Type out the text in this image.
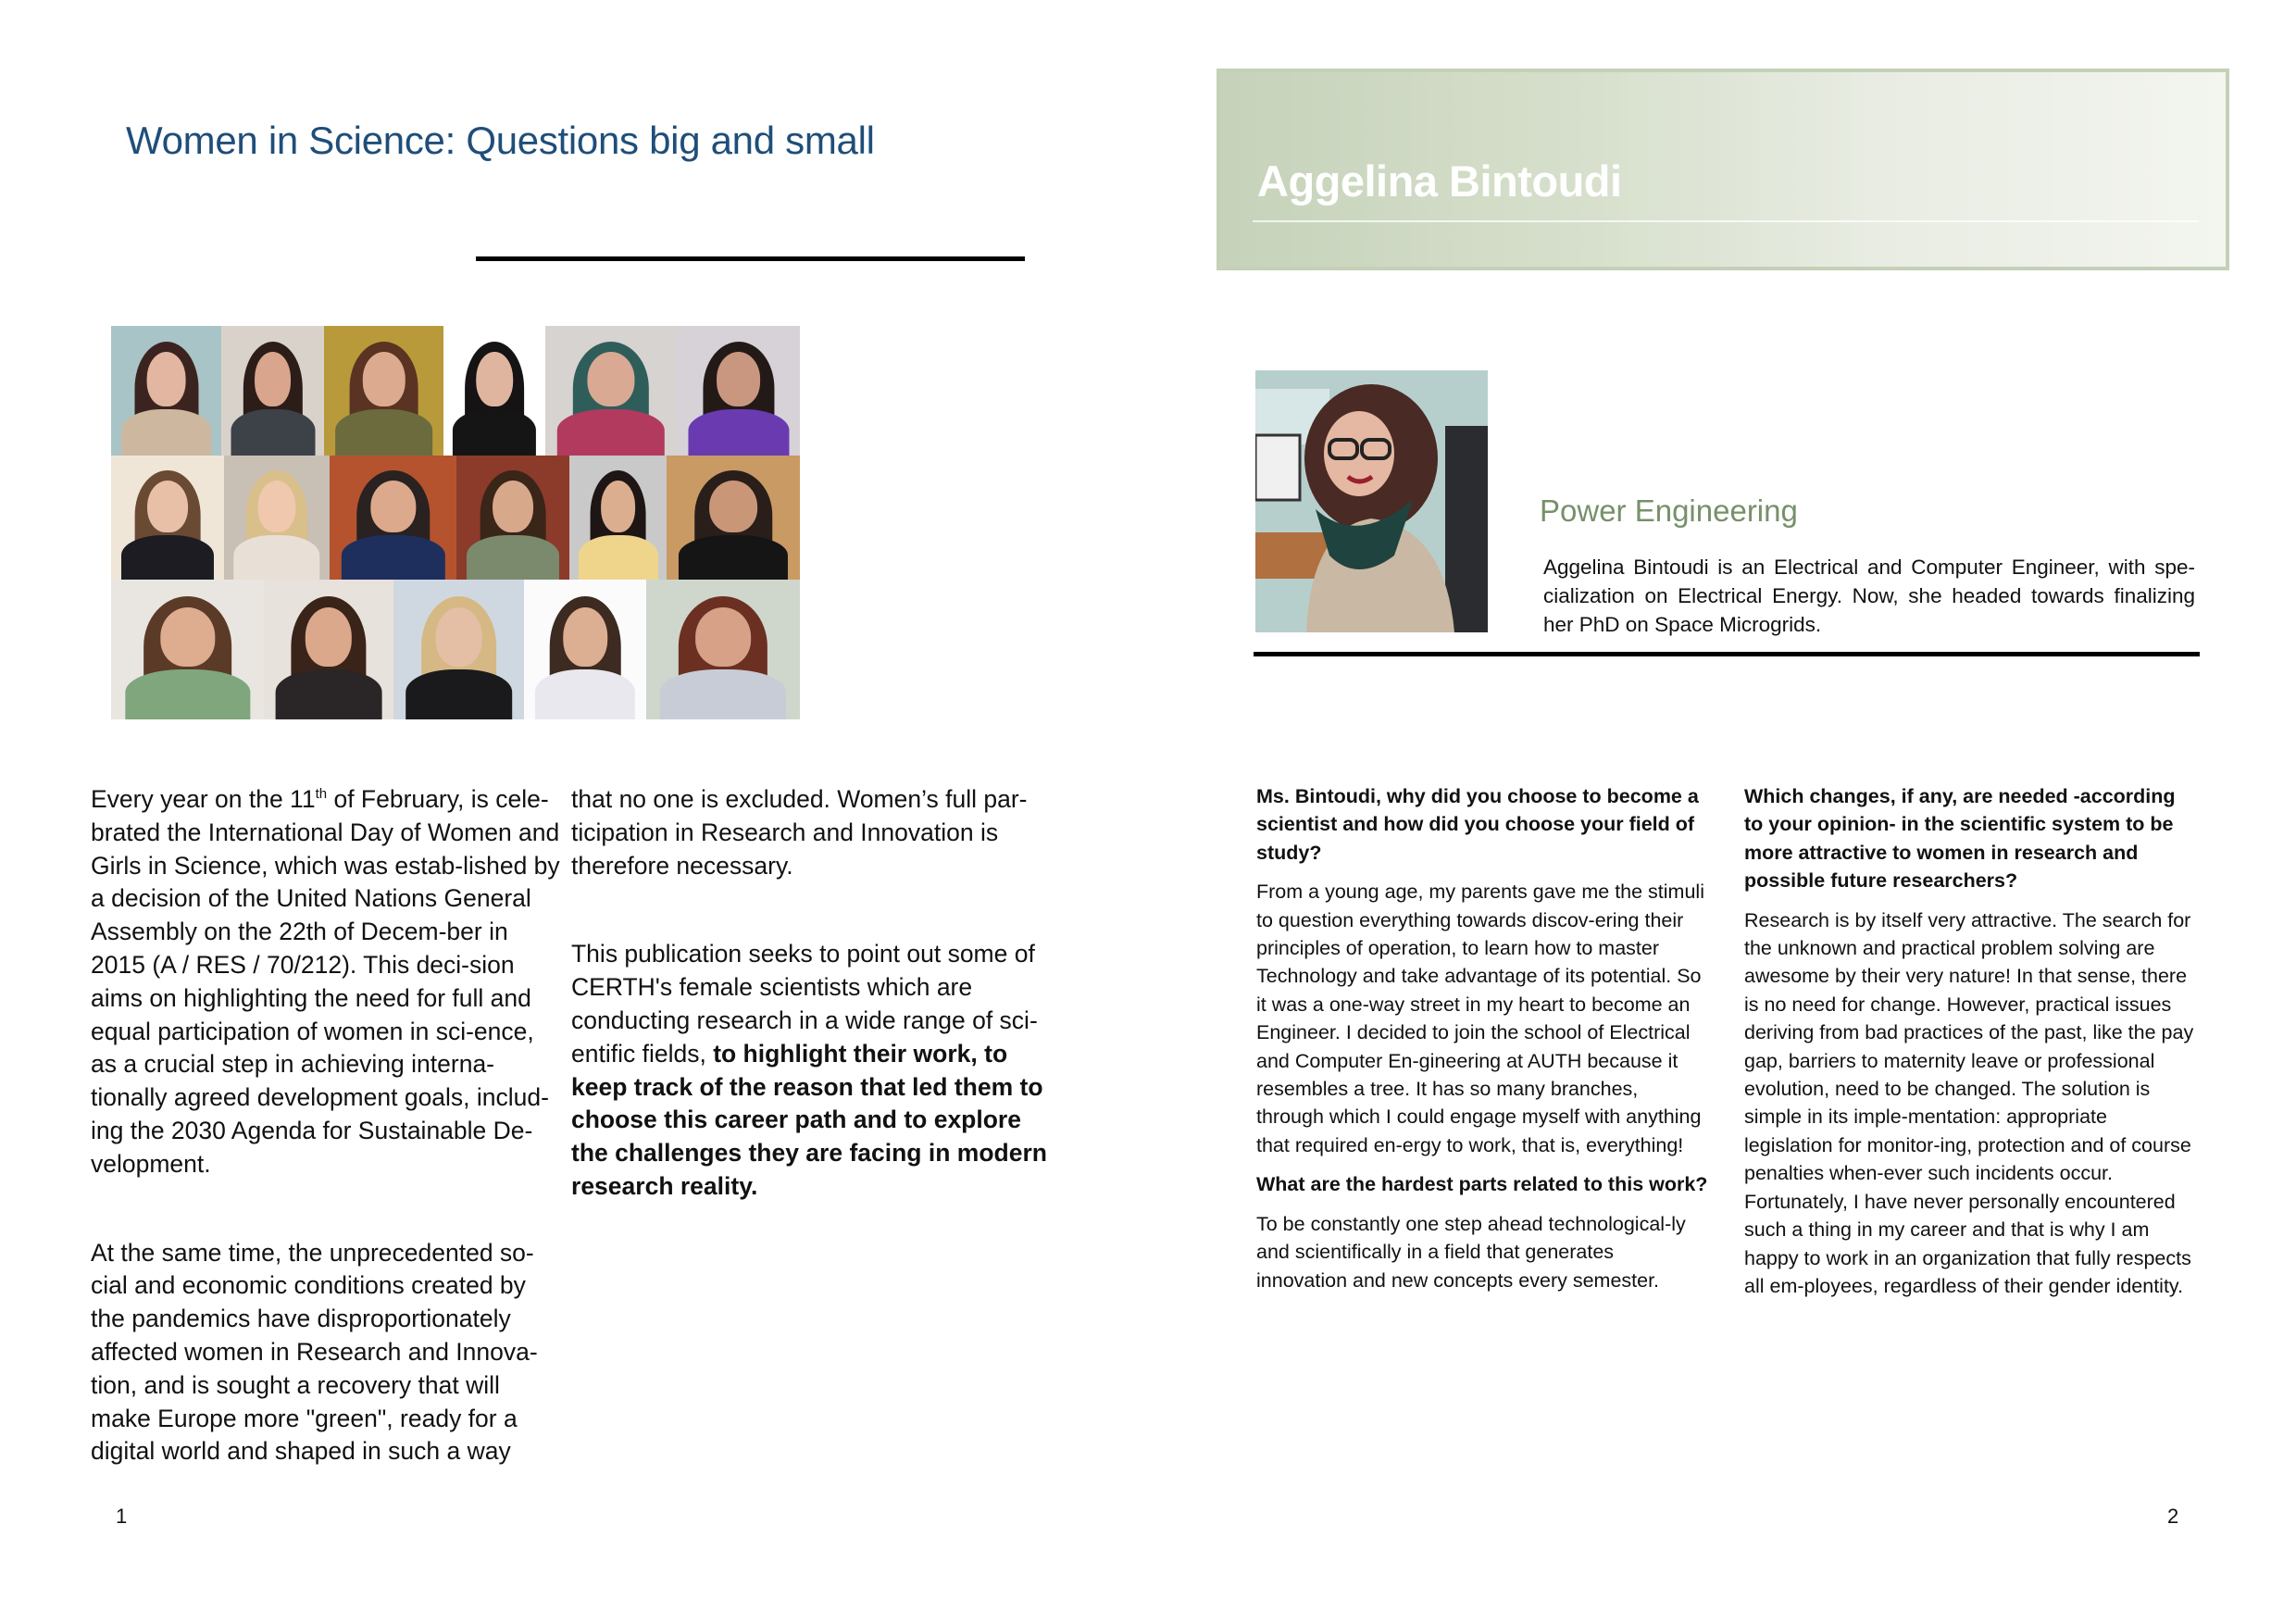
Women in Science: Questions big and small

Every year on the 11th of February, is cele-brated the International Day of Women and Girls in Science, which was estab-lished by a decision of the United Nations General Assembly on the 22th of Decem-ber in 2015 (A / RES / 70/212). This deci-sion aims on highlighting the need for full and equal participation of women in sci-ence, as a crucial step in achieving interna-tionally agreed development goals, includ-ing the 2030 Agenda for Sustainable De-velopment.

At the same time, the unprecedented so-cial and economic conditions created by the pandemics have disproportionately affected women in Research and Innova-tion, and is sought a recovery that will make Europe more "green", ready for a digital world and shaped in such a way

that no one is excluded. Women’s full par-ticipation in Research and Innovation is therefore necessary.

This publication seeks to point out some of CERTH's female scientists which are conducting research in a wide range of sci-entific fields, to highlight their work, to keep track of the reason that led them to choose this career path and to explore the challenges they are facing in modern research reality.

1
Aggelina Bintoudi
Power Engineering
Aggelina Bintoudi is an Electrical and Computer Engineer, with spe-cialization on Electrical Energy. Now, she headed towards finalizing her PhD on Space Microgrids.

Ms. Bintoudi, why did you choose to become a scientist and how did you choose your field of study?

From a young age, my parents gave me the stimuli to question everything towards discov-ering their principles of operation, to learn how to master Technology and take advantage of its potential. So it was a one-way street in my heart to become an Engineer. I decided to join the school of Electrical and Computer En-gineering at AUTH because it resembles a tree. It has so many branches, through which I could engage myself with anything that required en-ergy to work, that is, everything!

What are the hardest parts related to this work?

To be constantly one step ahead technological-ly and scientifically in a field that generates innovation and new concepts every semester.

Which changes, if any, are needed -according to your opinion- in the scientific system to be more attractive to women in research and possible future researchers?

Research is by itself very attractive. The search for the unknown and practical problem solving are awesome by their very nature! In that sense, there is no need for change. However, practical issues deriving from bad practices of the past, like the pay gap, barriers to maternity leave or professional evolution, need to be changed. The solution is simple in its imple-mentation: appropriate legislation for monitor-ing, protection and of course penalties when-ever such incidents occur. Fortunately, I have never personally encountered such a thing in my career and that is why I am happy to work in an organization that fully respects all em-ployees, regardless of their gender identity.

2
